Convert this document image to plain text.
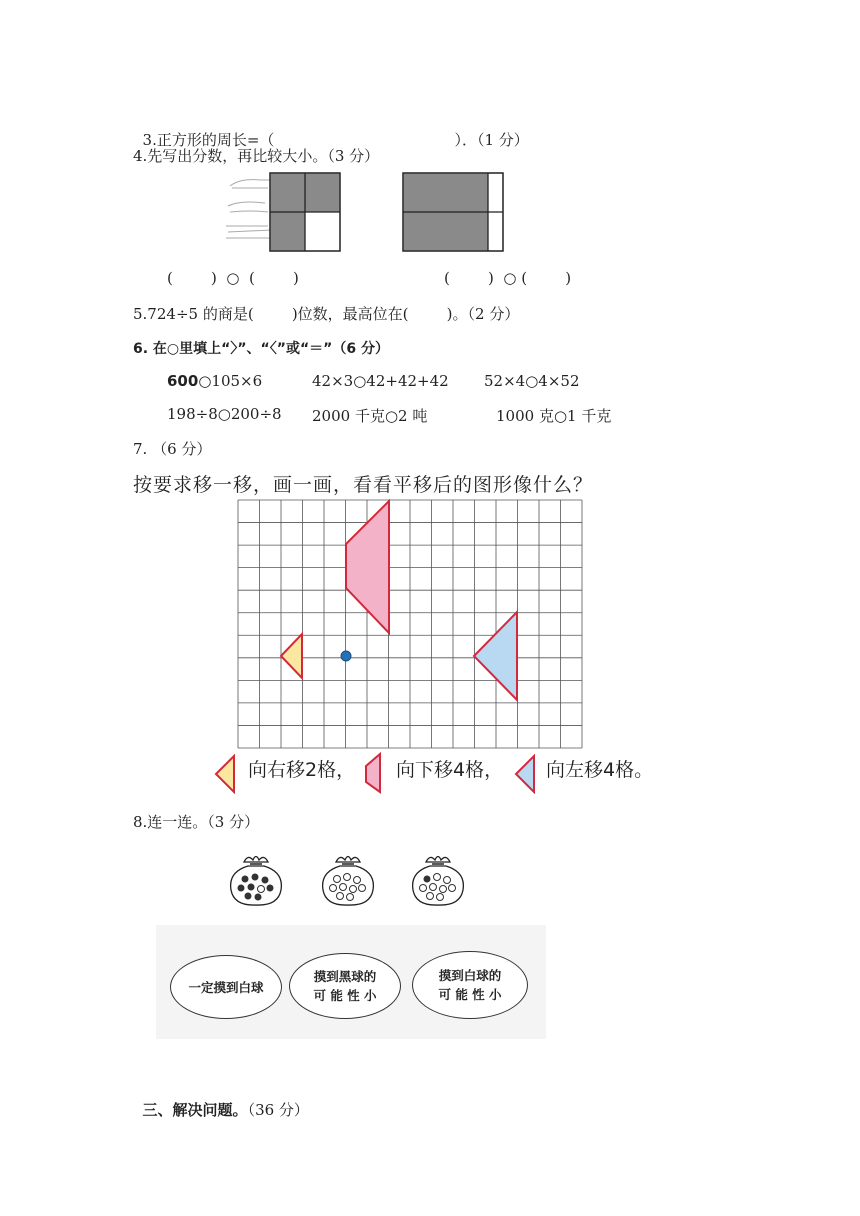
3.正方形的周长=（	）．（1 分）

4.先写出分数，再比较大小。（3 分）
(        )  ○  (        )	(        )  ○ (        )
5.724÷5 的商是(        )位数，最高位在(        )。（2 分）
6. 在○里填上“〉”、“〈”或“＝”（6 分）
600○105×6	42×3○42+42+42 52×4○4×52
198÷8○200÷8 2000 千克○2 吨	1000 克○1 千克
7. （6 分）
按要求移一移，画一画，看看平移后的图形像什么？
向右移2格， 向下移4格， 向左移4格。
8.连一连。（3 分）
一定摸到白球
摸到黑球的
可 能 性 小
摸到白球的
可 能 性 小

三、解决问题。（36 分）
